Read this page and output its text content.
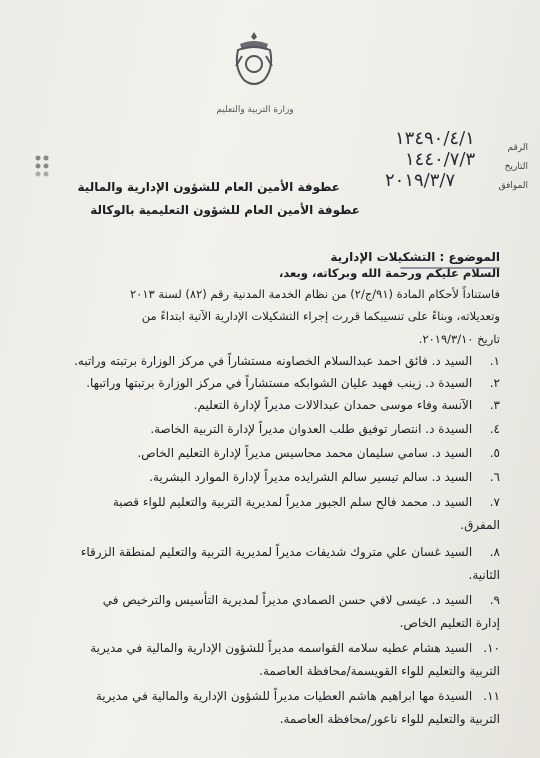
وزارة التربية والتعليم
الرقم
١٣٤٩٠/٤/١
التاريخ
١٤٤٠/٧/٣
الموافق
٢٠١٩/٣/٧
عطوفة الأمين العام للشؤون الإدارية والمالية
عطوفة الأمين العام للشؤون التعليمية بالوكالة
الموضوع : التشكيلات الإدارية
السلام عليكم ورحمة الله وبركاته، وبعد،
فاستناداً لأحكام المادة (٩١/ج/٢) من نظام الخدمة المدنية رقم (٨٢) لسنة ٢٠١٣
وتعديلاته، وبناءً على تنسيبكما قررت إجراء التشكيلات الإدارية الآتية ابتداءً من
تاريخ ٢٠١٩/٣/١٠.
١. السيد د. فائق احمد عبدالسلام الخصاونه مستشاراً في مركز الوزارة برتبته وراتبه.
٢. السيدة د. زينب فهيد عليان الشوابكه مستشاراً في مركز الوزارة برتبتها وراتبها.
٣. الآنسة وفاء موسى حمدان عبدالالات مديراً لإدارة التعليم.
٤. السيدة د. انتصار توفيق طلب العدوان مديراً لإدارة التربية الخاصة.
٥. السيد د. سامي سليمان محمد محاسيس مديراً لإدارة التعليم الخاص.
٦. السيد د. سالم تيسير سالم الشرايده مديراً لإدارة الموارد البشرية.
٧. السيد د. محمد فالح سلم الجبور مديراً لمديرية التربية والتعليم للواء قصبة
المفرق.
٨. السيد غسان علي متروك شديفات مديراً لمديرية التربية والتعليم لمنطقة الزرقاء
الثانية.
٩. السيد د. عيسى لافي حسن الصمادي مديراً لمديرية التأسيس والترخيص في
إدارة التعليم الخاص.
١٠. السيد هشام عطيه سلامه القواسمه مديراً للشؤون الإدارية والمالية في مديرية
التربية والتعليم للواء القويسمة/محافظة العاصمة.
١١. السيدة مها ابراهيم هاشم العطيات مديراً للشؤون الإدارية والمالية في مديرية
التربية والتعليم للواء ناعور/محافظة العاصمة.
